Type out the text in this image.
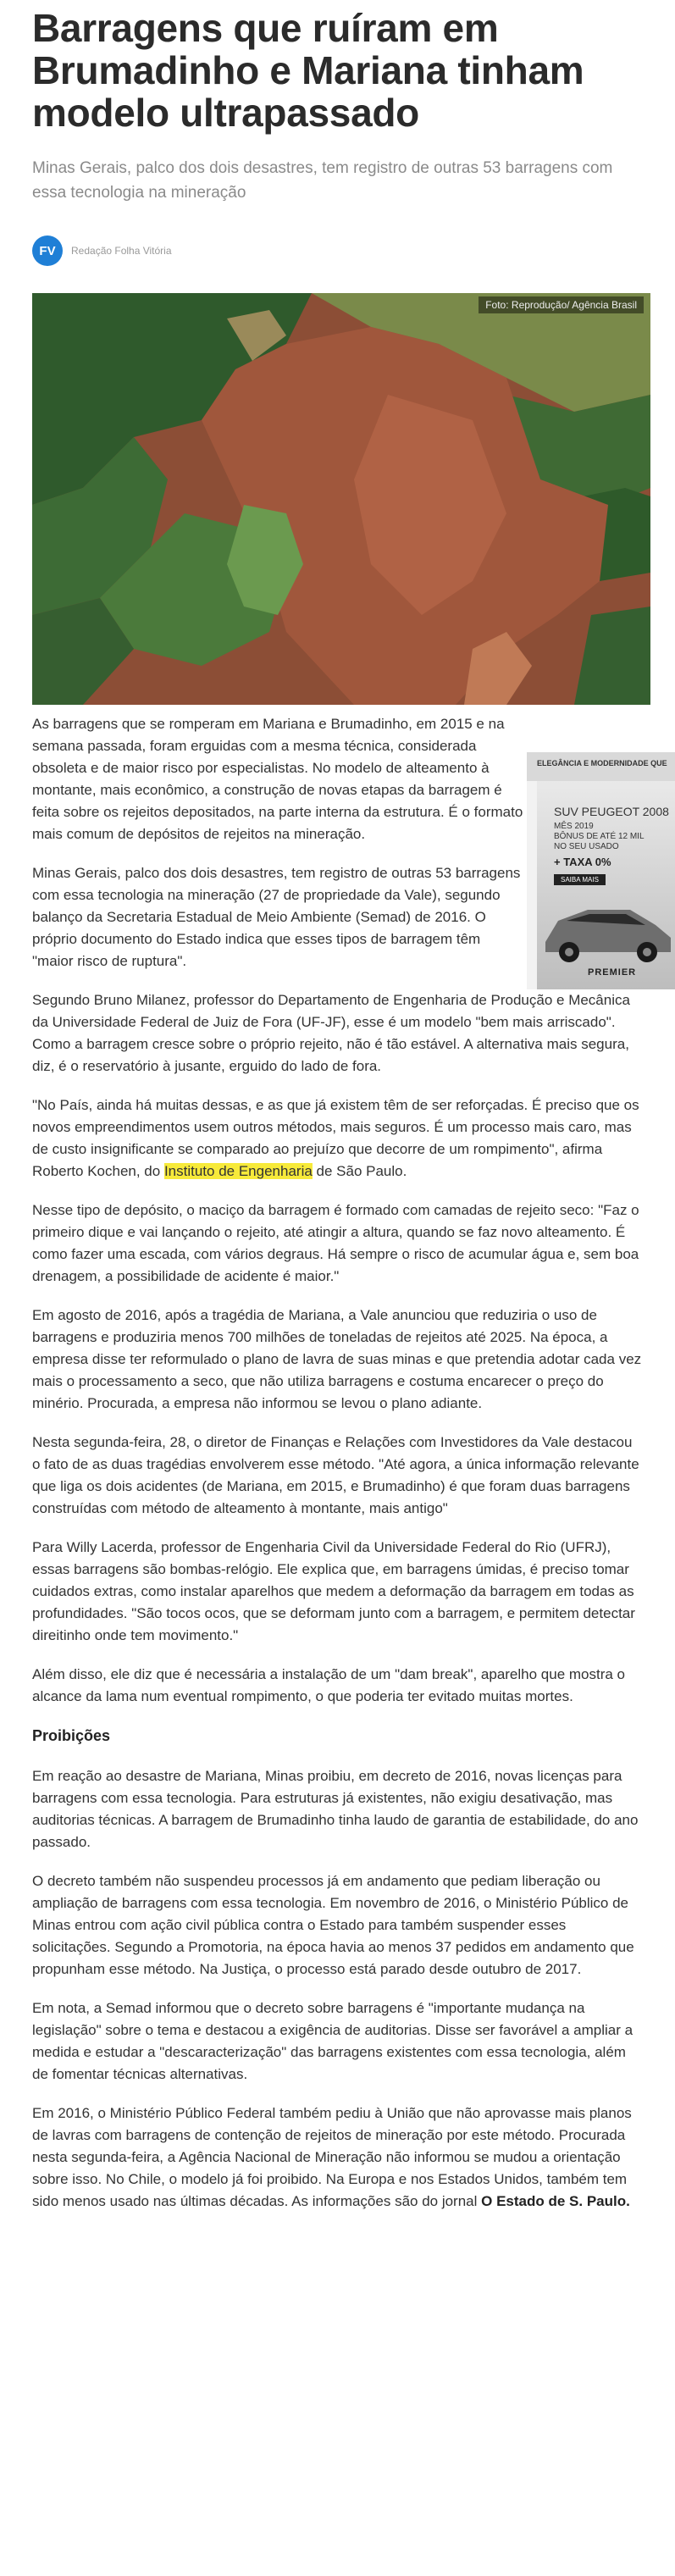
Barragens que ruíram em Brumadinho e Mariana tinham modelo ultrapassado
Minas Gerais, palco dos dois desastres, tem registro de outras 53 barragens com essa tecnologia na mineração
FV	Redação Folha Vitória
Foto: Reprodução/ Agência Brasil
ELEGÂNCIA E MODERNIDADE QUE
SUV PEUGEOT 2008
MÊS 2019
BÔNUS DE ATÉ 12 MIL
NO SEU USADO
+ TAXA 0%
SAIBA MAIS
PREMIER

As barragens que se romperam em Mariana e Brumadinho, em 2015 e na semana passada, foram erguidas com a mesma técnica, considerada obsoleta e de maior risco por especialistas. No modelo de alteamento à montante, mais econômico, a construção de novas etapas da barragem é feita sobre os rejeitos depositados, na parte interna da estrutura. É o formato mais comum de depósitos de rejeitos na mineração.

Minas Gerais, palco dos dois desastres, tem registro de outras 53 barragens com essa tecnologia na mineração (27 de propriedade da Vale), segundo balanço da Secretaria Estadual de Meio Ambiente (Semad) de 2016. O próprio documento do Estado indica que esses tipos de barragem têm "maior risco de ruptura".

Segundo Bruno Milanez, professor do Departamento de Engenharia de Produção e Mecânica da Universidade Federal de Juiz de Fora (UF-JF), esse é um modelo "bem mais arriscado". Como a barragem cresce sobre o próprio rejeito, não é tão estável. A alternativa mais segura, diz, é o reservatório à jusante, erguido do lado de fora.

"No País, ainda há muitas dessas, e as que já existem têm de ser reforçadas. É preciso que os novos empreendimentos usem outros métodos, mais seguros. É um processo mais caro, mas de custo insignificante se comparado ao prejuízo que decorre de um rompimento", afirma Roberto Kochen, do Instituto de Engenharia de São Paulo.

Nesse tipo de depósito, o maciço da barragem é formado com camadas de rejeito seco: "Faz o primeiro dique e vai lançando o rejeito, até atingir a altura, quando se faz novo alteamento. É como fazer uma escada, com vários degraus. Há sempre o risco de acumular água e, sem boa drenagem, a possibilidade de acidente é maior."

Em agosto de 2016, após a tragédia de Mariana, a Vale anunciou que reduziria o uso de barragens e produziria menos 700 milhões de toneladas de rejeitos até 2025. Na época, a empresa disse ter reformulado o plano de lavra de suas minas e que pretendia adotar cada vez mais o processamento a seco, que não utiliza barragens e costuma encarecer o preço do minério. Procurada, a empresa não informou se levou o plano adiante.

Nesta segunda-feira, 28, o diretor de Finanças e Relações com Investidores da Vale destacou o fato de as duas tragédias envolverem esse método. "Até agora, a única informação relevante que liga os dois acidentes (de Mariana, em 2015, e Brumadinho) é que foram duas barragens construídas com método de alteamento à montante, mais antigo"

Para Willy Lacerda, professor de Engenharia Civil da Universidade Federal do Rio (UFRJ), essas barragens são bombas-relógio. Ele explica que, em barragens úmidas, é preciso tomar cuidados extras, como instalar aparelhos que medem a deformação da barragem em todas as profundidades. "São tocos ocos, que se deformam junto com a barragem, e permitem detectar direitinho onde tem movimento."

Além disso, ele diz que é necessária a instalação de um "dam break", aparelho que mostra o alcance da lama num eventual rompimento, o que poderia ter evitado muitas mortes.

Proibições

Em reação ao desastre de Mariana, Minas proibiu, em decreto de 2016, novas licenças para barragens com essa tecnologia. Para estruturas já existentes, não exigiu desativação, mas auditorias técnicas. A barragem de Brumadinho tinha laudo de garantia de estabilidade, do ano passado.

O decreto também não suspendeu processos já em andamento que pediam liberação ou ampliação de barragens com essa tecnologia. Em novembro de 2016, o Ministério Público de Minas entrou com ação civil pública contra o Estado para também suspender esses solicitações. Segundo a Promotoria, na época havia ao menos 37 pedidos em andamento que propunham esse método. Na Justiça, o processo está parado desde outubro de 2017.

Em nota, a Semad informou que o decreto sobre barragens é "importante mudança na legislação" sobre o tema e destacou a exigência de auditorias. Disse ser favorável a ampliar a medida e estudar a "descaracterização" das barragens existentes com essa tecnologia, além de fomentar técnicas alternativas.

Em 2016, o Ministério Público Federal também pediu à União que não aprovasse mais planos de lavras com barragens de contenção de rejeitos de mineração por este método. Procurada nesta segunda-feira, a Agência Nacional de Mineração não informou se mudou a orientação sobre isso. No Chile, o modelo já foi proibido. Na Europa e nos Estados Unidos, também tem sido menos usado nas últimas décadas. As informações são do jornal O Estado de S. Paulo.
